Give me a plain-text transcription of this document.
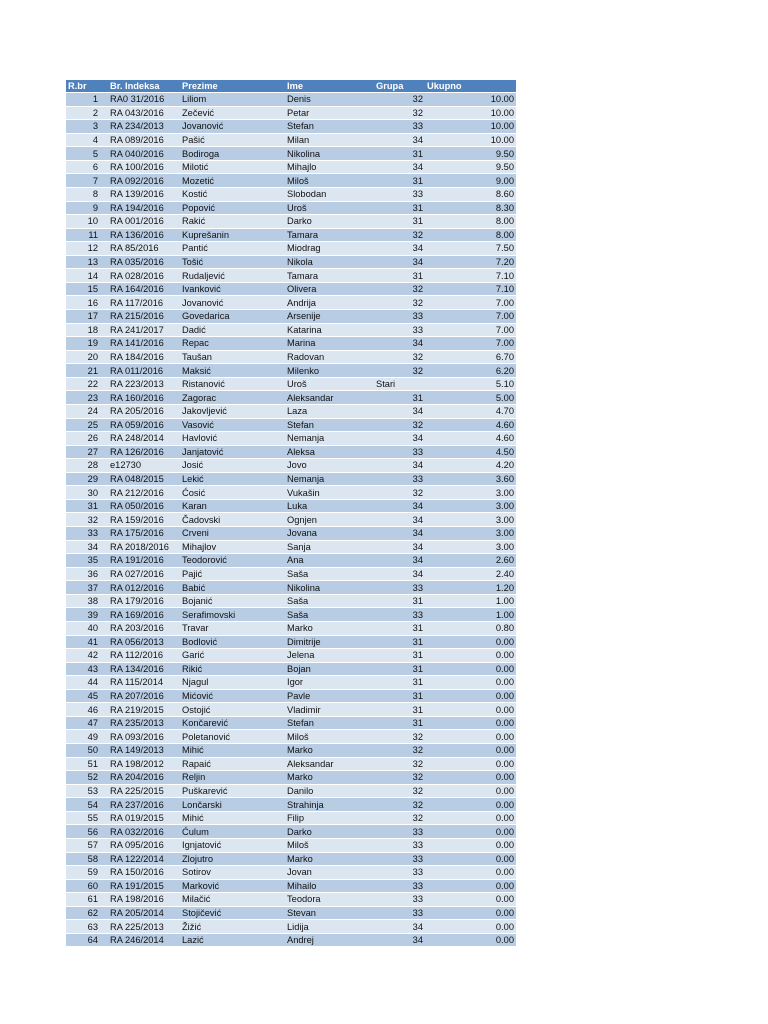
R.br	Br. Indeksa	Prezime	Ime	Grupa	Ukupno
1	RA0 31/2016	Liliom	Denis	32	10.00
2	RA 043/2016	Zečević	Petar	32	10.00
3	RA 234/2013	Jovanović	Stefan	33	10.00
4	RA 089/2016	Pašić	Milan	34	10.00
5	RA 040/2016	Bodiroga	Nikolina	31	9.50
6	RA 100/2016	Milotić	Mihajlo	34	9.50
7	RA 092/2016	Mozetić	Miloš	31	9.00
8	RA 139/2016	Kostić	Slobodan	33	8.60
9	RA 194/2016	Popović	Uroš	31	8.30
10	RA 001/2016	Rakić	Darko	31	8.00
11	RA 136/2016	Kuprešanin	Tamara	32	8.00
12	RA 85/2016	Pantić	Miodrag	34	7.50
13	RA 035/2016	Tošić	Nikola	34	7.20
14	RA 028/2016	Rudaljević	Tamara	31	7.10
15	RA 164/2016	Ivanković	Olivera	32	7.10
16	RA 117/2016	Jovanović	Andrija	32	7.00
17	RA 215/2016	Govedarica	Arsenije	33	7.00
18	RA 241/2017	Dadić	Katarina	33	7.00
19	RA 141/2016	Repac	Marina	34	7.00
20	RA 184/2016	Taušan	Radovan	32	6.70
21	RA 011/2016	Maksić	Milenko	32	6.20
22	RA 223/2013	Ristanović	Uroš	Stari	5.10
23	RA 160/2016	Zagorac	Aleksandar	31	5.00
24	RA 205/2016	Jakovljević	Laza	34	4.70
25	RA 059/2016	Vasović	Stefan	32	4.60
26	RA 248/2014	Havlović	Nemanja	34	4.60
27	RA 126/2016	Janjatović	Aleksa	33	4.50
28	e12730	Josić	Jovo	34	4.20
29	RA 048/2015	Lekić	Nemanja	33	3.60
30	RA 212/2016	Ćosić	Vukašin	32	3.00
31	RA 050/2016	Karan	Luka	34	3.00
32	RA 159/2016	Čadovski	Ognjen	34	3.00
33	RA 175/2016	Crveni	Jovana	34	3.00
34	RA 2018/2016	Mihajlov	Sanja	34	3.00
35	RA 191/2016	Teodorović	Ana	34	2.60
36	RA 027/2016	Pajić	Saša	34	2.40
37	RA 012/2016	Babić	Nikolina	33	1.20
38	RA 179/2016	Bojanić	Saša	31	1.00
39	RA 169/2016	Serafimovski	Saša	33	1.00
40	RA 203/2016	Travar	Marko	31	0.80
41	RA 056/2013	Bodlović	Dimitrije	31	0.00
42	RA 112/2016	Garić	Jelena	31	0.00
43	RA 134/2016	Rikić	Bojan	31	0.00
44	RA 115/2014	Njagul	Igor	31	0.00
45	RA 207/2016	Mićović	Pavle	31	0.00
46	RA 219/2015	Ostojić	Vladimir	31	0.00
47	RA 235/2013	Končarević	Stefan	31	0.00
49	RA 093/2016	Poletanović	Miloš	32	0.00
50	RA 149/2013	Mihić	Marko	32	0.00
51	RA 198/2012	Rapaić	Aleksandar	32	0.00
52	RA 204/2016	Reljin	Marko	32	0.00
53	RA 225/2015	Puškarević	Danilo	32	0.00
54	RA 237/2016	Lončarski	Strahinja	32	0.00
55	RA 019/2015	Mihić	Filip	32	0.00
56	RA 032/2016	Ćulum	Darko	33	0.00
57	RA 095/2016	Ignjatović	Miloš	33	0.00
58	RA 122/2014	Zlojutro	Marko	33	0.00
59	RA 150/2016	Sotirov	Jovan	33	0.00
60	RA 191/2015	Marković	Mihailo	33	0.00
61	RA 198/2016	Milačić	Teodora	33	0.00
62	RA 205/2014	Stojičević	Stevan	33	0.00
63	RA 225/2013	Žižić	Lidija	34	0.00
64	RA 246/2014	Lazić	Andrej	34	0.00
